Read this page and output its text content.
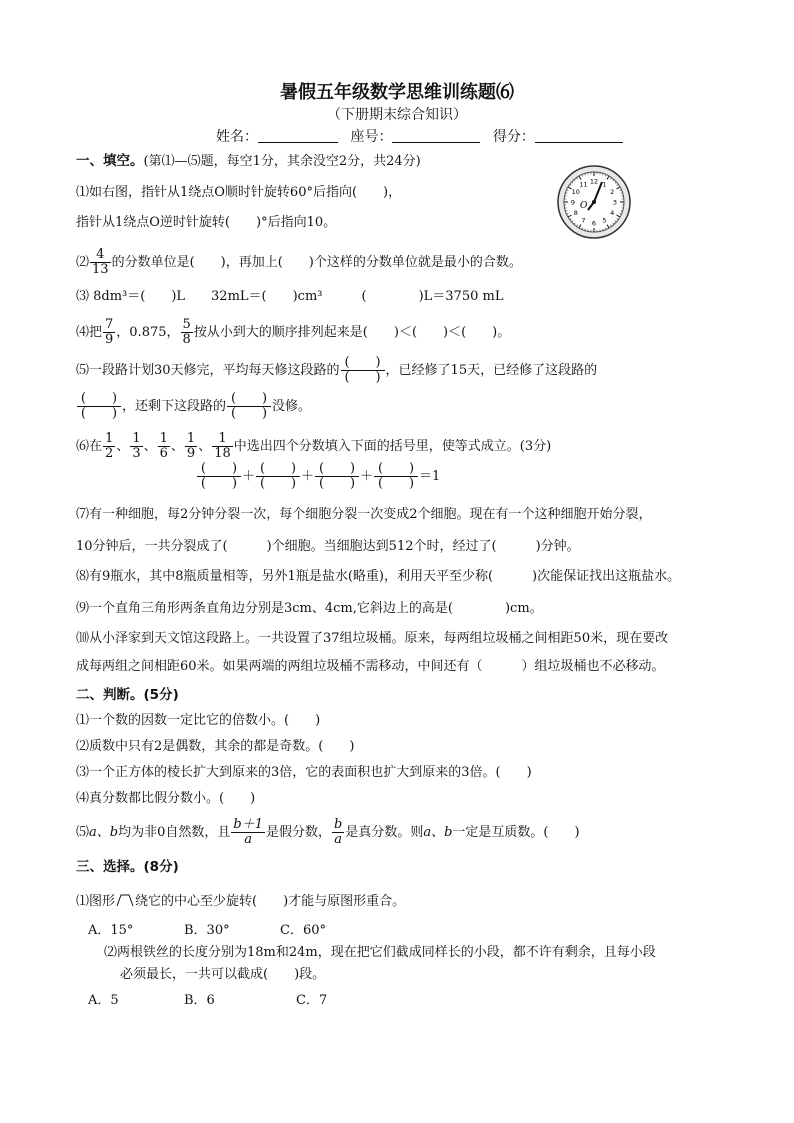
暑假五年级数学思维训练题⑹
（下册期末综合知识）
姓名：	座号：	得分：
一、填空。(第⑴—⑸题，每空1分，其余没空2分，共24分)
⑴如右图，指针从1绕点O顺时针旋转60°后指向(　　)，
指针从1绕点O逆时针旋转(　　)°后指向10。
12 1
2
3
4
5
6
7
8
9
10
11
O
⑵ $\frac{4}{13}$ 的分数单位是(　　)，再加上(　　)个这样的分数单位就是最小的合数。
⑶ 8dm³＝(　　)L　　32mL＝(　　)cm³　　　(　　　　)L＝3750 mL
⑷把 $\frac{7}{9}$ ，0.875， $\frac{5}{8}$ 按从小到大的顺序排列起来是(　　)＜(　　)＜(　　)。
⑸一段路计划30天修完，平均每天修这段路的 $\frac{( )}{( )}$ ，已经修了15天，已经修了这段路的
$\frac{( )}{( )}$ ，还剩下这段路的 $\frac{( )}{( )}$ 没修。
⑹在 $\frac{1}{2}$ 、 $\frac{1}{3}$ 、 $\frac{1}{6}$ 、 $\frac{1}{9}$ 、 $\frac{1}{18}$ 中选出四个分数填入下面的括号里，使等式成立。(3分)
$\frac{( )}{( )} + \frac{( )}{( )} + \frac{( )}{( )} + \frac{( )}{( )} =1$
⑺有一种细胞，每2分钟分裂一次，每个细胞分裂一次变成2个细胞。现在有一个这种细胞开始分裂，
10分钟后，一共分裂成了(　　　)个细胞。当细胞达到512个时，经过了(　　　)分钟。
⑻有9瓶水，其中8瓶质量相等，另外1瓶是盐水(略重)，利用天平至少称(　　　)次能保证找出这瓶盐水。
⑼一个直角三角形两条直角边分别是3cm、4cm,它斜边上的高是(　　　　)cm。
⑽从小泽家到天文馆这段路上。一共设置了37组垃圾桶。原来，每两组垃圾桶之间相距50米，现在要改
成每两组之间相距60米。如果两端的两组垃圾桶不需移动，中间还有（　　　）组垃圾桶也不必移动。
二、判断。(5分)
⑴一个数的因数一定比它的倍数小。(　　)
⑵质数中只有2是偶数，其余的都是奇数。(　　)
⑶一个正方体的棱长扩大到原来的3倍，它的表面积也扩大到原来的3倍。(　　)
⑷真分数都比假分数小。(　　)
⑸a、b均为非0自然数，且 $\frac{b+1}{a}$ 是假分数， $\frac{b}{a}$ 是真分数。则a、b一定是互质数。(　　)
三、选择。(8分)
⑴图形 绕它的中心至少旋转(　　)才能与原图形重合。
A．15°	B．30°	C．60°
⑵两根铁丝的长度分别为18m和24m，现在把它们截成同样长的小段，都不许有剩余，且每小段
必须最长，一共可以截成(　　)段。
A．5	B．6	C．7
